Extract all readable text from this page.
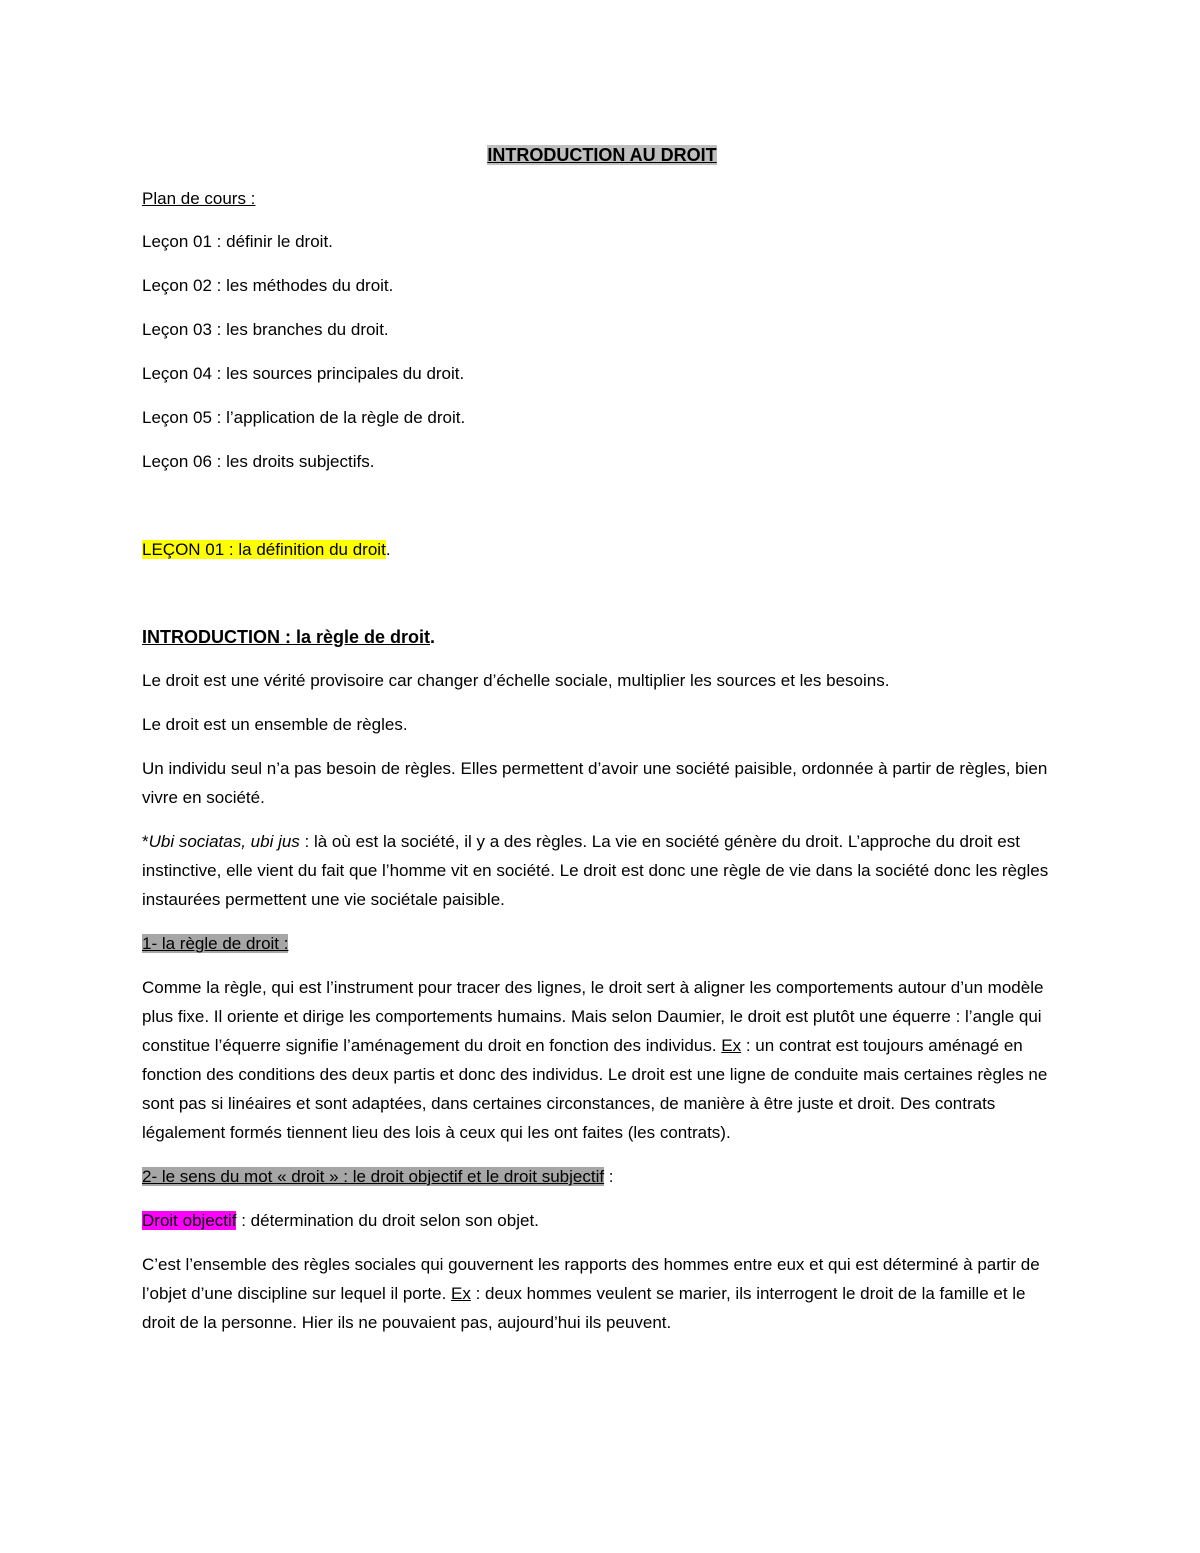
INTRODUCTION AU DROIT

Plan de cours :

Leçon 01 : définir le droit.

Leçon 02 : les méthodes du droit.

Leçon 03 : les branches du droit.

Leçon 04 : les sources principales du droit.

Leçon 05 : l’application de la règle de droit.

Leçon 06 : les droits subjectifs.

LEÇON 01 : la définition du droit.

INTRODUCTION : la règle de droit.

Le droit est une vérité provisoire car changer d’échelle sociale, multiplier les sources et les besoins.

Le droit est un ensemble de règles.

Un individu seul n’a pas besoin de règles. Elles permettent d’avoir une société paisible, ordonnée à partir de règles, bien vivre en société.

*Ubi sociatas, ubi jus : là où est la société, il y a des règles. La vie en société génère du droit. L’approche du droit est instinctive, elle vient du fait que l’homme vit en société. Le droit est donc une règle de vie dans la société donc les règles instaurées permettent une vie sociétale paisible.

1- la règle de droit :

Comme la règle, qui est l’instrument pour tracer des lignes, le droit sert à aligner les comportements autour d’un modèle plus fixe. Il oriente et dirige les comportements humains. Mais selon Daumier, le droit est plutôt une équerre : l’angle qui constitue l’équerre signifie l’aménagement du droit en fonction des individus. Ex : un contrat est toujours aménagé en fonction des conditions des deux partis et donc des individus. Le droit est une ligne de conduite mais certaines règles ne sont pas si linéaires et sont adaptées, dans certaines circonstances, de manière à être juste et droit. Des contrats légalement formés tiennent lieu des lois à ceux qui les ont faites (les contrats).

2- le sens du mot « droit » : le droit objectif et le droit subjectif :

Droit objectif : détermination du droit selon son objet.

C’est l’ensemble des règles sociales qui gouvernent les rapports des hommes entre eux et qui est déterminé à partir de l’objet d’une discipline sur lequel il porte. Ex : deux hommes veulent se marier, ils interrogent le droit de la famille et le droit de la personne. Hier ils ne pouvaient pas, aujourd’hui ils peuvent.
